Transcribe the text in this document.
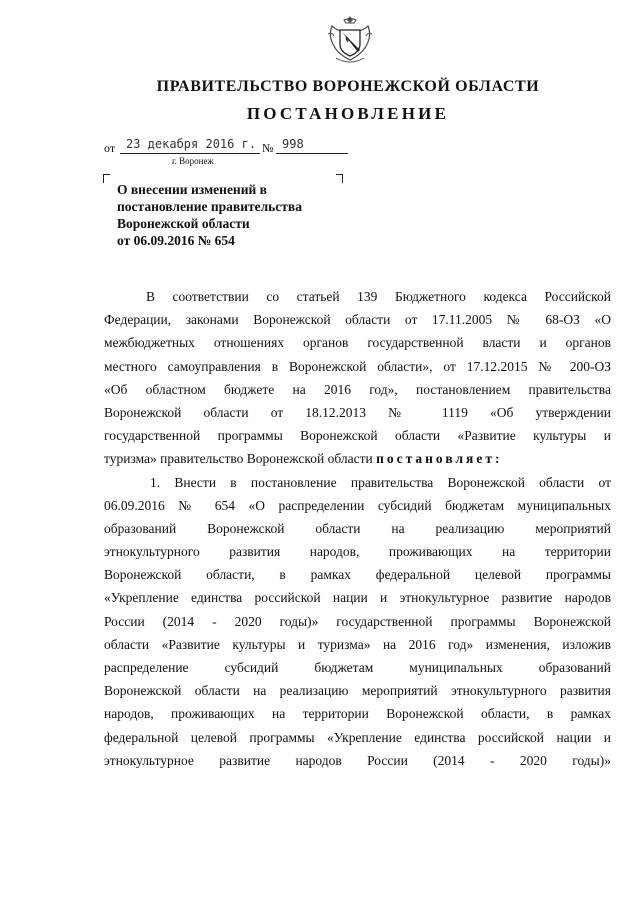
ПРАВИТЕЛЬСТВО ВОРОНЕЖСКОЙ ОБЛАСТИ
ПОСТАНОВЛЕНИЕ
от 23 декабря 2016 г. № 998
г. Воронеж
О внесении изменений в
постановление правительства
Воронежской области
от 06.09.2016 № 654
В соответствии со статьей 139 Бюджетного кодекса Российской
Федерации, законами Воронежской области от 17.11.2005 № 68-ОЗ «О
межбюджетных отношениях органов государственной власти и органов
местного самоуправления в Воронежской области», от 17.12.2015 № 200-ОЗ
«Об областном бюджете на 2016 год», постановлением правительства
Воронежской области от 18.12.2013 № 1119 «Об утверждении
государственной программы Воронежской области «Развитие культуры и
туризма» правительство Воронежской области постановляет:
1. Внести в постановление правительства Воронежской области от
06.09.2016 № 654 «О распределении субсидий бюджетам муниципальных
образований Воронежской области на реализацию мероприятий
этнокультурного развития народов, проживающих на территории
Воронежской области, в рамках федеральной целевой программы
«Укрепление единства российской нации и этнокультурное развитие народов
России (2014 - 2020 годы)» государственной программы Воронежской
области «Развитие культуры и туризма» на 2016 год» изменения, изложив
распределение субсидий бюджетам муниципальных образований
Воронежской области на реализацию мероприятий этнокультурного развития
народов, проживающих на территории Воронежской области, в рамках
федеральной целевой программы «Укрепление единства российской нации и
этнокультурное развитие народов России (2014 - 2020 годы)»
